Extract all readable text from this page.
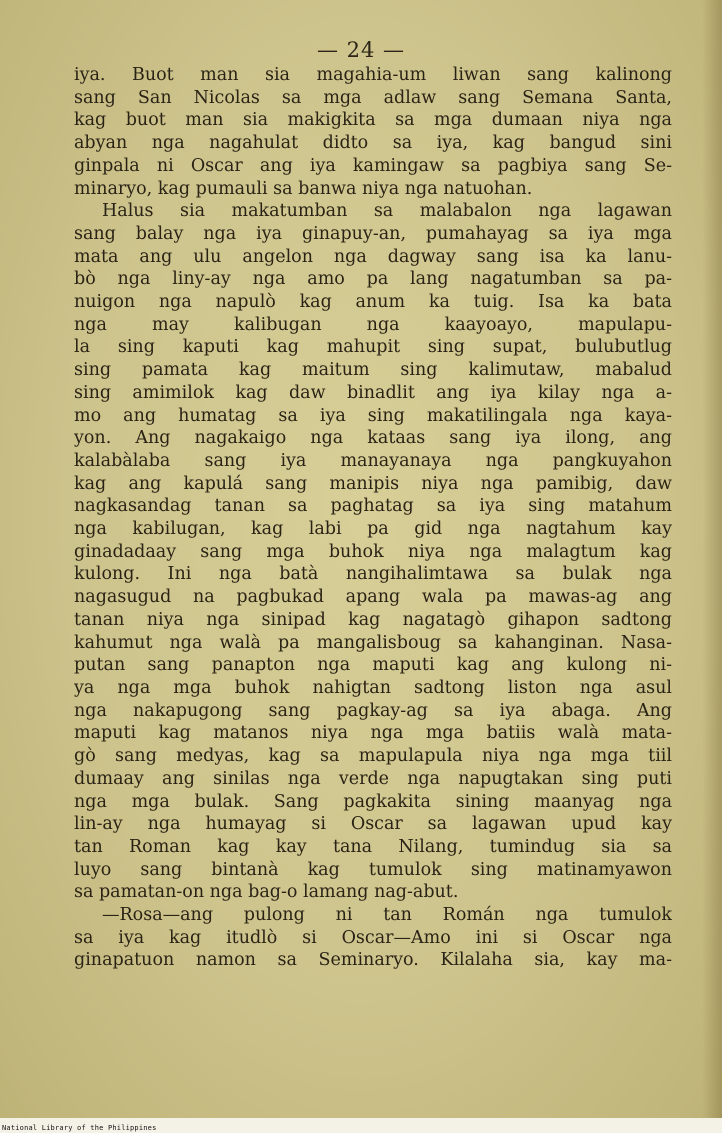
— 24 —
iya. Buot man sia magahia-um liwan sang kalinong
sang San Nicolas sa mga adlaw sang Semana Santa,
kag buot man sia makigkita sa mga dumaan niya nga
abyan nga nagahulat didto sa iya, kag bangud sini
ginpala ni Oscar ang iya kamingaw sa pagbiya sang Se-
minaryo, kag pumauli sa banwa niya nga natuohan.
Halus sia makatumban sa malabalon nga lagawan
sang balay nga iya ginapuy-an, pumahayag sa iya mga
mata ang ulu angelon nga dagway sang isa ka lanu-
bò nga liny-ay nga amo pa lang nagatumban sa pa-
nuigon nga napulò kag anum ka tuig. Isa ka bata
nga may kalibugan nga kaayoayo, mapulapu-
la sing kaputi kag mahupit sing supat, bulubutlug
sing pamata kag maitum sing kalimutaw, mabalud
sing amimilok kag daw binadlit ang iya kilay nga a-
mo ang humatag sa iya sing makatilingala nga kaya-
yon. Ang nagakaigo nga kataas sang iya ilong, ang
kalabàlaba sang iya manayanaya nga pangkuyahon
kag ang kapulá sang manipis niya nga pamibig, daw
nagkasandag tanan sa paghatag sa iya sing matahum
nga kabilugan, kag labi pa gid nga nagtahum kay
ginadadaay sang mga buhok niya nga malagtum kag
kulong. Ini nga batà nangihalimtawa sa bulak nga
nagasugud na pagbukad apang wala pa mawas-ag ang
tanan niya nga sinipad kag nagatagò gihapon sadtong
kahumut nga walà pa mangalisboug sa kahanginan. Nasa-
putan sang panapton nga maputi kag ang kulong ni-
ya nga mga buhok nahigtan sadtong liston nga asul
nga nakapugong sang pagkay-ag sa iya abaga. Ang
maputi kag matanos niya nga mga batiis walà mata-
gò sang medyas, kag sa mapulapula niya nga mga tiil
dumaay ang sinilas nga verde nga napugtakan sing puti
nga mga bulak. Sang pagkakita sining maanyag nga
lin-ay nga humayag si Oscar sa lagawan upud kay
tan Roman kag kay tana Nilang, tumindug sia sa
luyo sang bintanà kag tumulok sing matinamyawon
sa pamatan-on nga bag-o lamang nag-abut.
—Rosa—ang pulong ni tan Román nga tumulok
sa iya kag itudlò si Oscar—Amo ini si Oscar nga
ginapatuon namon sa Seminaryo. Kilalaha sia, kay ma-
National Library of the Philippines
